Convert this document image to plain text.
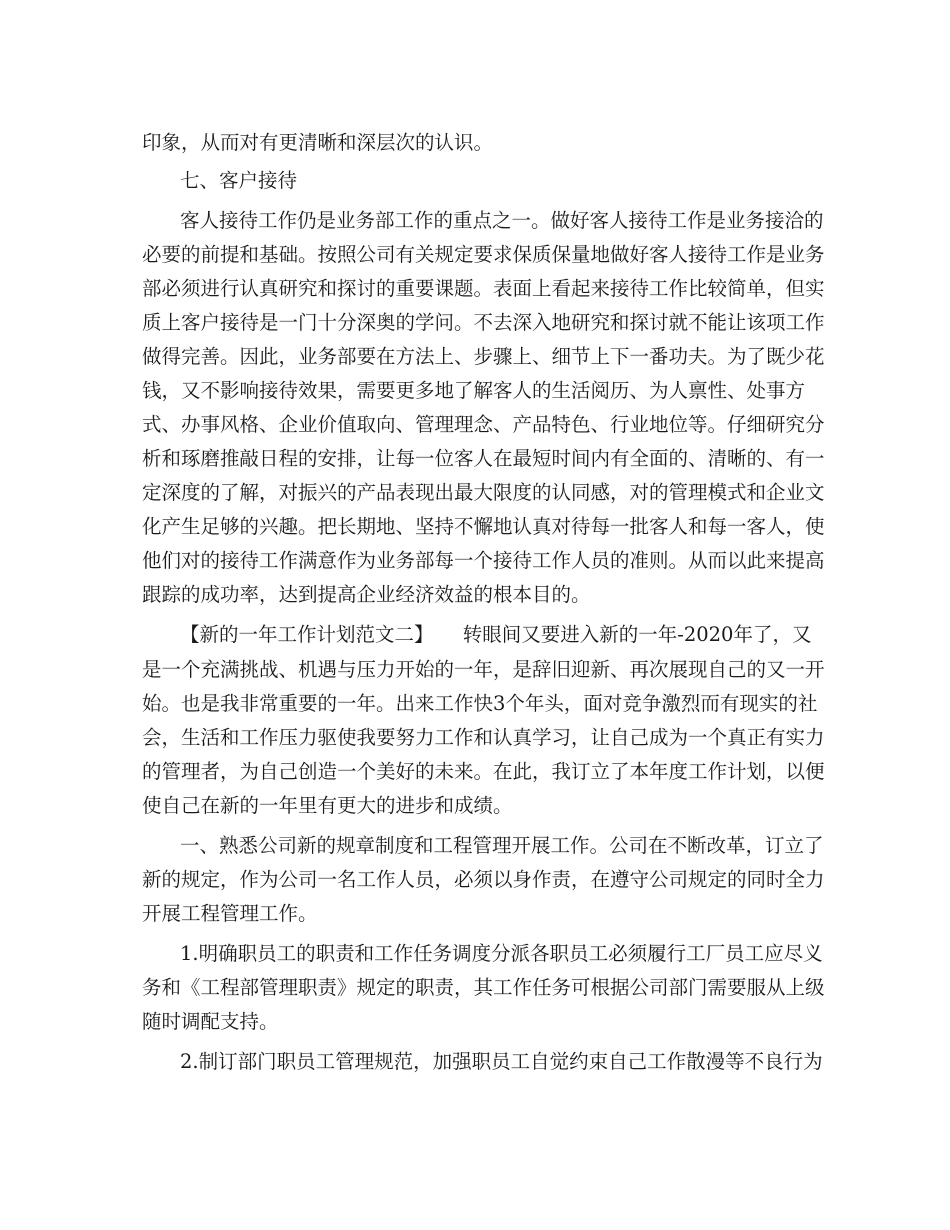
印象，从而对有更清晰和深层次的认识。
七、客户接待
客人接待工作仍是业务部工作的重点之一。做好客人接待工作是业务接洽的
必要的前提和基础。按照公司有关规定要求保质保量地做好客人接待工作是业务
部必须进行认真研究和探讨的重要课题。表面上看起来接待工作比较简单，但实
质上客户接待是一门十分深奥的学问。不去深入地研究和探讨就不能让该项工作
做得完善。因此，业务部要在方法上、步骤上、细节上下一番功夫。为了既少花
钱，又不影响接待效果，需要更多地了解客人的生活阅历、为人禀性、处事方
式、办事风格、企业价值取向、管理理念、产品特色、行业地位等。仔细研究分
析和琢磨推敲日程的安排，让每一位客人在最短时间内有全面的、清晰的、有一
定深度的了解，对振兴的产品表现出最大限度的认同感，对的管理模式和企业文
化产生足够的兴趣。把长期地、坚持不懈地认真对待每一批客人和每一客人，使
他们对的接待工作满意作为业务部每一个接待工作人员的准则。从而以此来提高
跟踪的成功率，达到提高企业经济效益的根本目的。
【新的一年工作计划范文二】　　转眼间又要进入新的一年-2020年了，又
是一个充满挑战、机遇与压力开始的一年，是辞旧迎新、再次展现自己的又一开
始。也是我非常重要的一年。出来工作快3个年头，面对竞争激烈而有现实的社
会，生活和工作压力驱使我要努力工作和认真学习，让自己成为一个真正有实力
的管理者，为自己创造一个美好的未来。在此，我订立了本年度工作计划，以便
使自己在新的一年里有更大的进步和成绩。
一、熟悉公司新的规章制度和工程管理开展工作。公司在不断改革，订立了
新的规定，作为公司一名工作人员，必须以身作责，在遵守公司规定的同时全力
开展工程管理工作。
1.明确职员工的职责和工作任务调度分派各职员工必须履行工厂员工应尽义
务和《工程部管理职责》规定的职责，其工作任务可根据公司部门需要服从上级
随时调配支持。
2.制订部门职员工管理规范，加强职员工自觉约束自己工作散漫等不良行为
